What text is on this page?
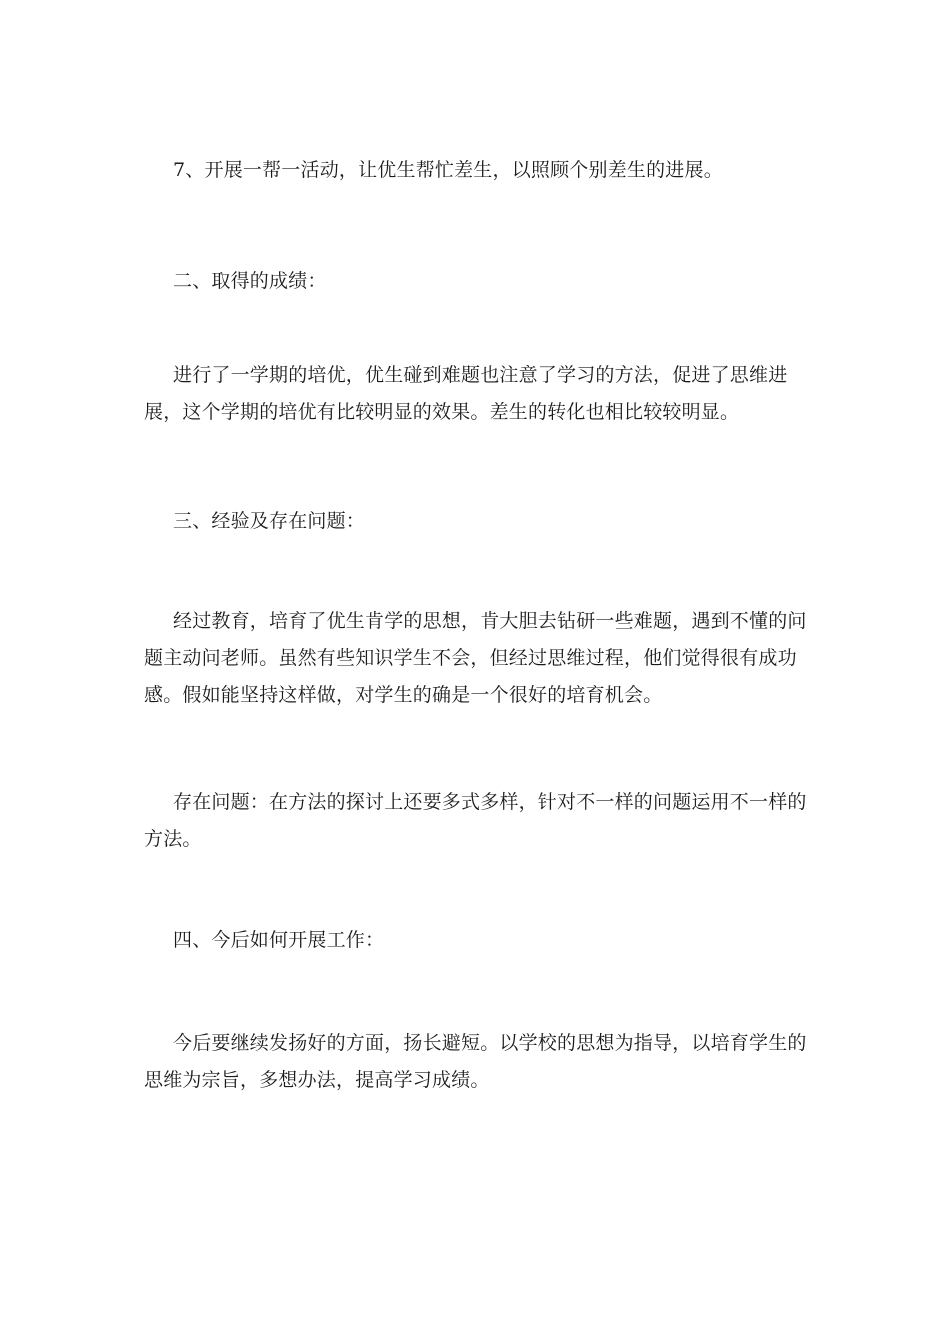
7、开展一帮一活动，让优生帮忙差生，以照顾个别差生的进展。

二、取得的成绩：

进行了一学期的培优，优生碰到难题也注意了学习的方法，促进了思维进展，这个学期的培优有比较明显的效果。差生的转化也相比较较明显。

三、经验及存在问题：

经过教育，培育了优生肯学的思想，肯大胆去钻研一些难题，遇到不懂的问题主动问老师。虽然有些知识学生不会，但经过思维过程，他们觉得很有成功感。假如能坚持这样做，对学生的确是一个很好的培育机会。

存在问题：在方法的探讨上还要多式多样，针对不一样的问题运用不一样的方法。

四、今后如何开展工作：

今后要继续发扬好的方面，扬长避短。以学校的思想为指导，以培育学生的思维为宗旨，多想办法，提高学习成绩。
